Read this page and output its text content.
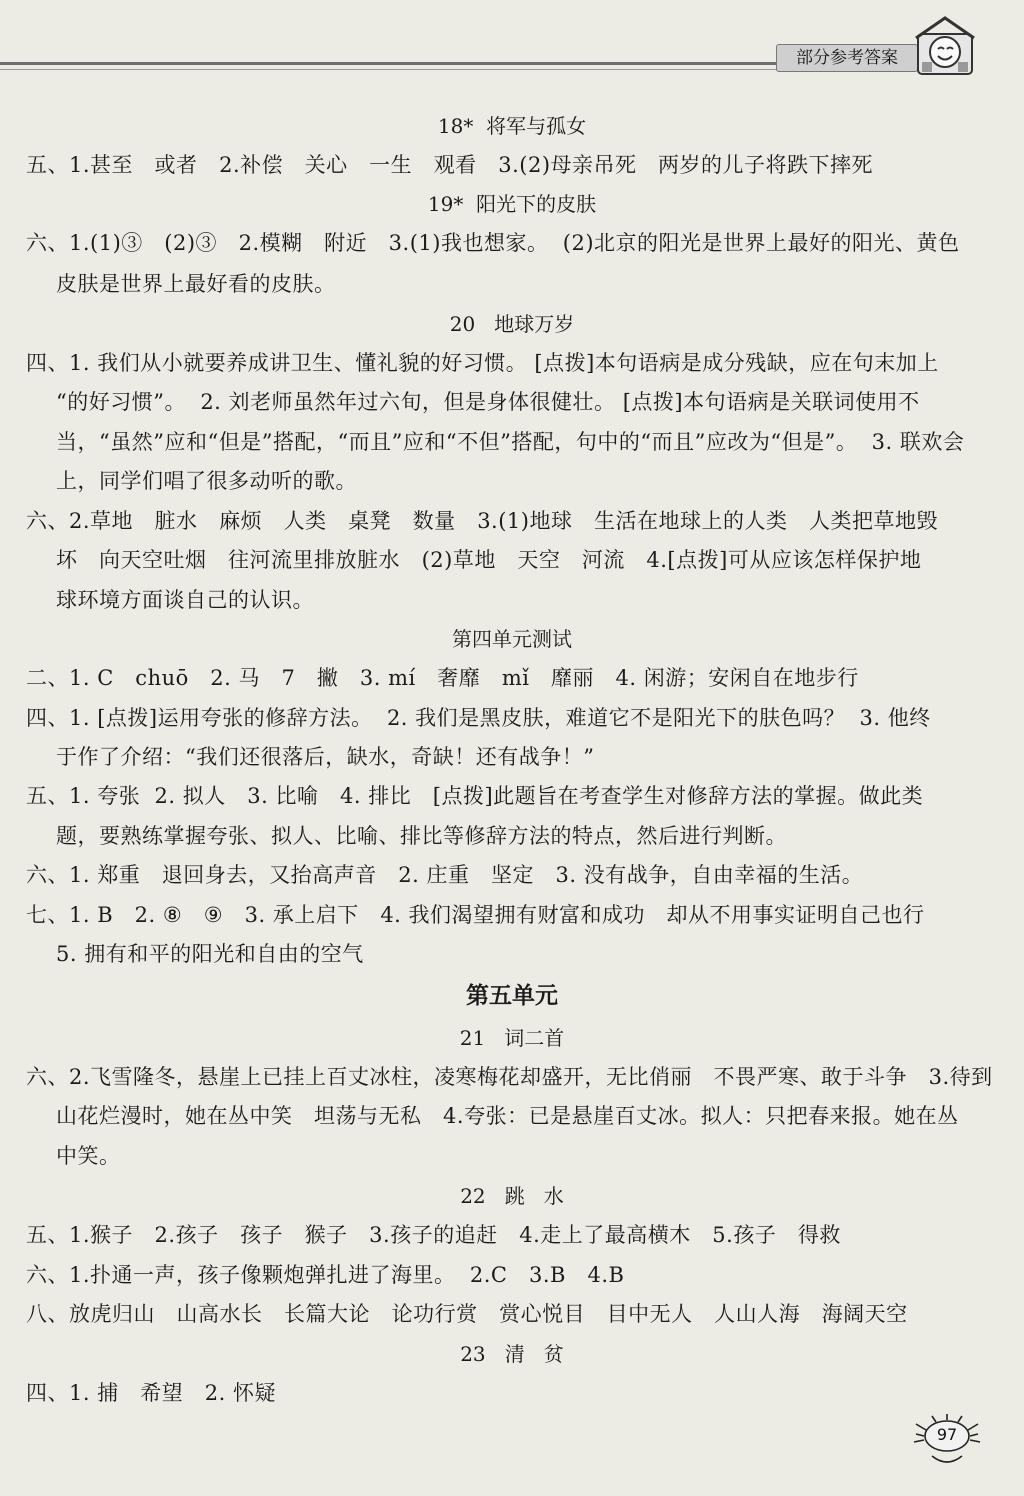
部分参考答案
18*  将军与孤女
五、1.甚至   或者   2.补偿   关心   一生   观看   3.(2)母亲吊死   两岁的儿子将跌下摔死
19*  阳光下的皮肤
六、1.(1)③   (2)③   2.模糊   附近   3.(1)我也想家。  (2)北京的阳光是世界上最好的阳光、黄色
皮肤是世界上最好看的皮肤。
20   地球万岁
四、1. 我们从小就要养成讲卫生、懂礼貌的好习惯。 [点拨]本句语病是成分残缺，应在句末加上
“的好习惯”。  2. 刘老师虽然年过六旬，但是身体很健壮。 [点拨]本句语病是关联词使用不
当，“虽然”应和“但是”搭配，“而且”应和“不但”搭配，句中的“而且”应改为“但是”。  3. 联欢会
上，同学们唱了很多动听的歌。
六、2.草地   脏水   麻烦   人类   桌凳   数量   3.(1)地球   生活在地球上的人类   人类把草地毁
坏   向天空吐烟   往河流里排放脏水   (2)草地   天空   河流   4.[点拨]可从应该怎样保护地
球环境方面谈自己的认识。
第四单元测试
二、1. C   chuō   2. 马   7   撇   3. mí   奢靡   mǐ   靡丽   4. 闲游；安闲自在地步行
四、1. [点拨]运用夸张的修辞方法。  2. 我们是黑皮肤，难道它不是阳光下的肤色吗？  3. 他终
于作了介绍：“我们还很落后，缺水，奇缺！还有战争！”
五、1. 夸张  2. 拟人   3. 比喻   4. 排比   [点拨]此题旨在考查学生对修辞方法的掌握。做此类
题，要熟练掌握夸张、拟人、比喻、排比等修辞方法的特点，然后进行判断。
六、1. 郑重   退回身去，又抬高声音   2. 庄重   坚定   3. 没有战争，自由幸福的生活。
七、1. B   2. ⑧   ⑨   3. 承上启下   4. 我们渴望拥有财富和成功   却从不用事实证明自己也行
5. 拥有和平的阳光和自由的空气
第五单元
21   词二首
六、2.飞雪隆冬，悬崖上已挂上百丈冰柱，凌寒梅花却盛开，无比俏丽   不畏严寒、敢于斗争   3.待到
山花烂漫时，她在丛中笑   坦荡与无私   4.夸张：已是悬崖百丈冰。拟人：只把春来报。她在丛
中笑。
22   跳   水
五、1.猴子   2.孩子   孩子   猴子   3.孩子的追赶   4.走上了最高横木   5.孩子   得救
六、1.扑通一声，孩子像颗炮弹扎进了海里。  2.C   3.B   4.B
八、放虎归山   山高水长   长篇大论   论功行赏   赏心悦目   目中无人   人山人海   海阔天空
23   清   贫
四、1. 捕   希望   2. 怀疑
97
